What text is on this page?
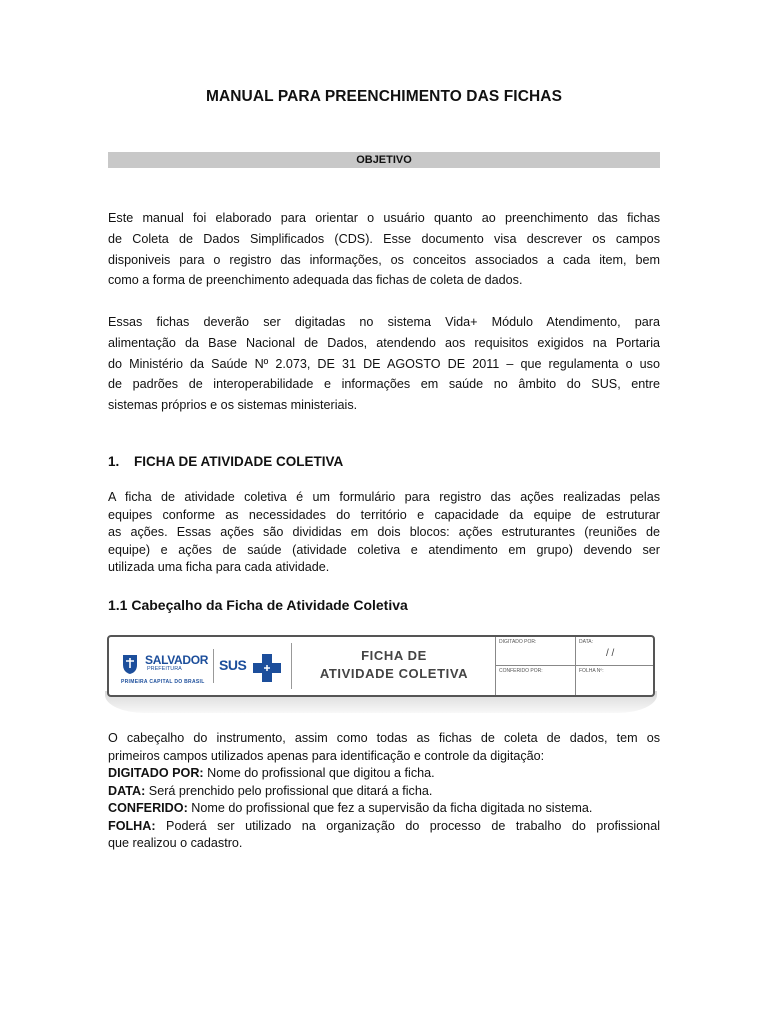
MANUAL PARA PREENCHIMENTO DAS FICHAS
OBJETIVO
Este manual foi elaborado para orientar o usuário quanto ao preenchimento das fichas
de Coleta de Dados Simplificados (CDS). Esse documento visa descrever os campos
disponiveis para o registro das informações, os conceitos associados a cada item, bem
como a forma de preenchimento adequada das fichas de coleta de dados.
Essas fichas deverão ser digitadas no sistema Vida+ Módulo Atendimento, para
alimentação da Base Nacional de Dados, atendendo aos requisitos exigidos na Portaria
do Ministério da Saúde Nº 2.073, DE 31 DE AGOSTO DE 2011 – que regulamenta o uso
de padrões de interoperabilidade e informações em saúde no âmbito do SUS, entre
sistemas próprios e os sistemas ministeriais.
1. FICHA DE ATIVIDADE COLETIVA
A ficha de atividade coletiva é um formulário para registro das ações realizadas pelas
equipes conforme as necessidades do território e capacidade da equipe de estruturar
as ações. Essas ações são divididas em dois blocos: ações estruturantes (reuniões de
equipe) e ações de saúde (atividade coletiva e atendimento em grupo) devendo ser
utilizada uma ficha para cada atividade.
1.1 Cabeçalho da Ficha de Atividade Coletiva
SALVADOR
PREFEITURA
PRIMEIRA CAPITAL DO BRASIL
SUS
FICHA DE
ATIVIDADE COLETIVA
DIGITADO POR:	DATA:
/ /
CONFERIDO POR:	FOLHA Nº:
O cabeçalho do instrumento, assim como todas as fichas de coleta de dados, tem os
primeiros campos utilizados apenas para identificação e controle da digitação:
DIGITADO POR: Nome do profissional que digitou a ficha.
DATA: Será prenchido pelo profissional que ditará a ficha.
CONFERIDO: Nome do profissional que fez a supervisão da ficha digitada no sistema.
FOLHA: Poderá ser utilizado na organização do processo de trabalho do profissional
que realizou o cadastro.
